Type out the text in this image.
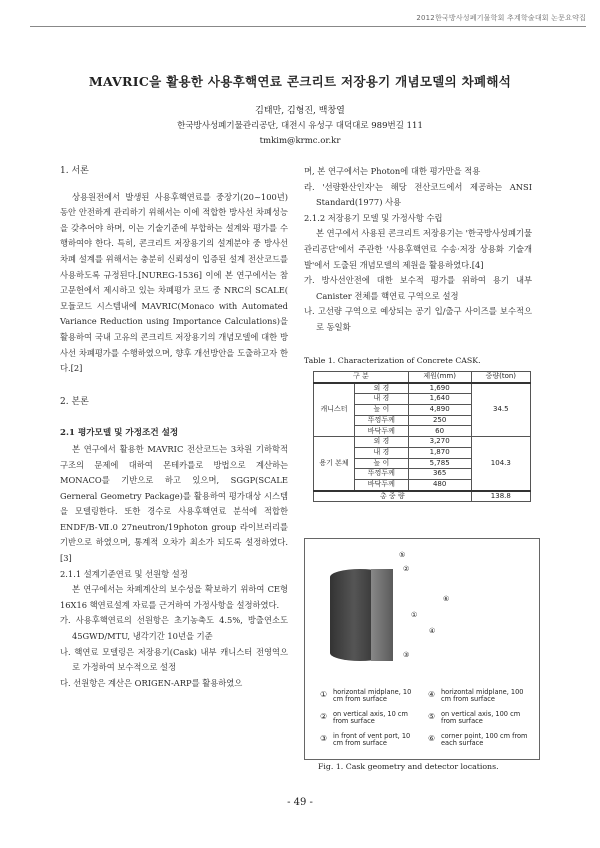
2012한국방사성폐기물학회 추계학술대회 논문요약집
MAVRIC을 활용한 사용후핵연료 콘크리트 저장용기 개념모델의 차폐해석
김태만, 김형진, 백창열
한국방사성폐기물관리공단, 대전시 유성구 대덕대로 989번길 111
tmkim@krmc.or.kr

1. 서론

상용원전에서 발생된 사용후핵연료를 중장기(20~100년)동안 안전하게 관리하기 위해서는 이에 적합한 방사선 차폐성능을 갖추어야 하며, 이는 기술기준에 부합하는 설계와 평가를 수행하여야 한다. 특히, 콘크리트 저장용기의 설계분야 중 방사선차폐 설계를 위해서는 충분히 신뢰성이 입증된 설계 전산코드를 사용하도록 규정된다.[NUREG-1536] 이에 본 연구에서는 참고문헌에서 제시하고 있는 차폐평가 코드 중 NRC의 SCALE( 모듈코드 시스템내에 MAVRIC(Monaco with Automated Variance Reduction using Importance Calculations)을 활용하여 국내 고유의 콘크리트 저장용기의 개념모델에 대한 방사선 차폐평가를 수행하였으며, 향후 개선방안을 도출하고자 한다.[2]

2. 본론

2.1 평가모델 및 가정조건 설정

본 연구에서 활용한 MAVRIC 전산코드는 3차원 기하학적 구조의 문제에 대하여 몬테카를로 방법으로 계산하는 MONACO를 기반으로 하고 있으며, SGGP(SCALE Gerneral Geometry Package)를 활용하여 평가대상 시스템을 모델링한다. 또한 경수로 사용후핵연료 분석에 적합한 ENDF/B-Ⅶ.0 27neutron/19photon group 라이브러리를 기반으로 하였으며, 통계적 오차가 최소가 되도록 설정하였다.[3]

2.1.1 설계기준연료 및 선원항 설정

본 연구에서는 차폐계산의 보수성을 확보하기 위하여 CE형 16X16 핵연료설계 자료를 근거하여 가정사항을 설정하였다.

가. 사용후핵연료의 선원항은 초기농축도 4.5%, 방출연소도 45GWD/MTU, 냉각기간 10년을 기준

나. 핵연료 모델링은 저장용기(Cask) 내부 캐니스터 전영역으로 가정하여 보수적으로 설정

다. 선원항은 계산은 ORIGEN-ARP를 활용하였으

며, 본 연구에서는 Photon에 대한 평가만을 적용

라. '선량환산인자'는 해당 전산코드에서 제공하는 ANSI Standard(1977) 사용

2.1.2 저장용기 모델 및 가정사항 수립

본 연구에서 사용된 콘크리트 저장용기는 '한국방사성폐기물관리공단'에서 주관한 '사용후핵연료 수송·저장 상용화 기술개발'에서 도출된 개념모델의 제원을 활용하였다.[4]

가. 방사선안전에 대한 보수적 평가를 위하여 용기 내부 Canister 전체를 핵연료 구역으로 설정

나. 고선량 구역으로 예상되는 공기 입/출구 사이즈를 보수적으로 동일화

Table 1. Characterization of Concrete CASK.
구 분		제원(mm)	중량(ton)
캐니스터	외 경	1,690	34.5
	내 경	1,640	
	높 이	4,890	
	뚜껑두께	250	
	바닥두께	60	
용기 본체	외 경	3,270	104.3
	내 경	1,870	
	높 이	5,785	
	뚜껑두께	365	
	바닥두께	480	
총 중 량			138.8
⑤
②
⑥
①
④
③
① horizontal midplane, 10 cm from surface
④ horizontal midplane, 100 cm from surface
② on vertical axis, 10 cm from surface
⑤ on vertical axis, 100 cm from surface
③ in front of vent port, 10 cm from surface
⑥ corner point, 100 cm from each surface
Fig. 1. Cask geometry and detector locations.
- 49 -
